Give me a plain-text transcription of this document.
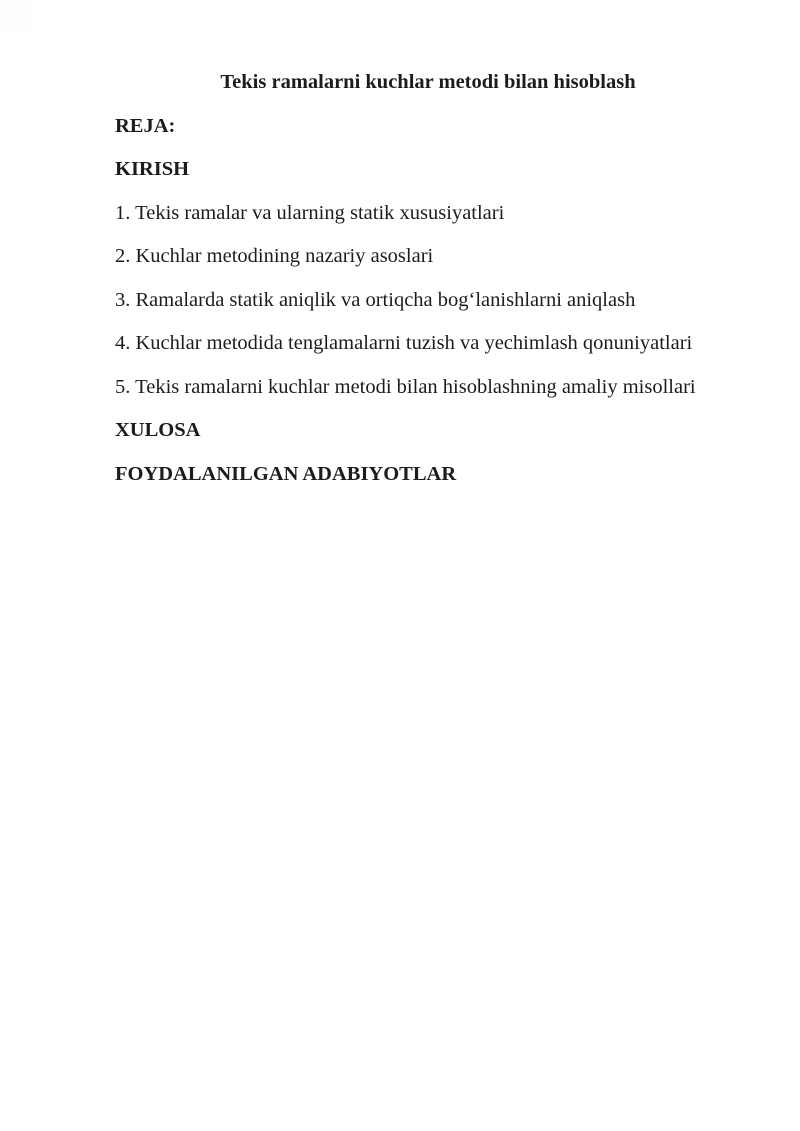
Tekis ramalarni kuchlar metodi bilan hisoblash

REJA:

KIRISH

1. Tekis ramalar va ularning statik xususiyatlari

2. Kuchlar metodining nazariy asoslari

3. Ramalarda statik aniqlik va ortiqcha bog‘lanishlarni aniqlash

4. Kuchlar metodida tenglamalarni tuzish va yechimlash qonuniyatlari

5. Tekis ramalarni kuchlar metodi bilan hisoblashning amaliy misollari

XULOSA

FOYDALANILGAN ADABIYOTLAR
